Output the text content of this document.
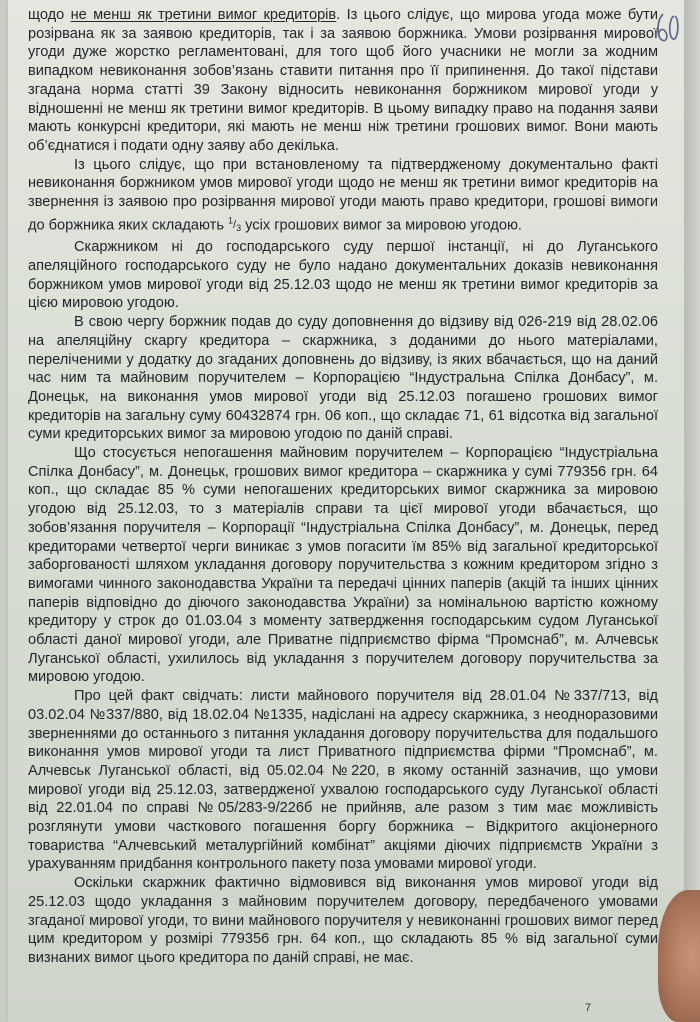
щодо не менш як третини вимог кредиторів. Із цього слідує, що мирова угода може бути розірвана як за заявою кредиторів, так і за заявою боржника. Умови розірвання мирової угоди дуже жорстко регламентовані, для того щоб його учасники не могли за жодним випадком невиконання зобов’язань ставити питання про її припинення. До такої підстави згадана норма статті 39 Закону відносить невиконання боржником мирової угоди у відношенні не менш як третини вимог кредиторів. В цьому випадку право на подання заяви мають конкурсні кредитори, які мають не менш ніж третини грошових вимог. Вони мають об’єднатися і подати одну заяву або декілька.

Із цього слідує, що при встановленому та підтвердженому документально факті невиконання боржником умов мирової угоди щодо не менш як третини вимог кредиторів на звернення із заявою про розірвання мирової угоди мають право кредитори, грошові вимоги до боржника яких складають $^1/_3$ усіх грошових вимог за мировою угодою.

Скаржником ні до господарського суду першої інстанції, ні до Луганського апеляційного господарського суду не було надано документальних доказів невиконання боржником умов мирової угоди від 25.12.03 щодо не менш як третини вимог кредиторів за цією мировою угодою.

В свою чергу боржник подав до суду доповнення до відзиву від 026-219 від 28.02.06 на апеляційну скаргу кредитора – скаржника, з доданими до нього матеріалами, переліченими у додатку до згаданих доповнень до відзиву, із яких вбачається, що на даний час ним та майновим поручителем – Корпорацією “Індустральна Спілка Донбасу”, м. Донецьк, на виконання умов мирової угоди від 25.12.03 погашено грошових вимог кредиторів на загальну суму 60432874 грн. 06 коп., що складає 71, 61 відсотка від загальної суми кредиторських вимог за мировою угодою по даній справі.

Що стосується непогашення майновим поручителем – Корпорацією “Індустріальна Спілка Донбасу”, м. Донецьк, грошових вимог кредитора – скаржника у сумі 779356 грн. 64 коп., що складає 85 % суми непогашених кредиторських вимог скаржника за мировою угодою від 25.12.03, то з матеріалів справи та цієї мирової угоди вбачається, що зобов’язання поручителя – Корпорації “Індустріальна Спілка Донбасу”, м. Донецьк, перед кредиторами четвертої черги виникає з умов погасити їм 85% від загальної кредиторської заборгованості шляхом укладання договору поручительства з кожним кредитором згідно з вимогами чинного законодавства України та передачі цінних паперів (акцій та інших цінних паперів відповідно до діючого законодавства України) за номінальною вартістю кожному кредитору у строк до 01.03.04 з моменту затвердження господарським судом Луганської області даної мирової угоди, але Приватне підприємство фірма “Промснаб”, м. Алчевськ Луганської області, ухилилось від укладання з поручителем договору поручительства за мировою угодою.

Про цей факт свідчать: листи майнового поручителя від 28.01.04 №337/713, від 03.02.04 №337/880, від 18.02.04 №1335, надіслані на адресу скаржника, з неодноразовими зверненнями до останнього з питання укладання договору поручительства для подальшого виконання умов мирової угоди та лист Приватного підприємства фірми “Промснаб”, м. Алчевськ Луганської області, від 05.02.04 №220, в якому останній зазначив, що умови мирової угоди від 25.12.03, затвердженої ухвалою господарського суду Луганської області від 22.01.04 по справі №05/283-9/226б не прийняв, але разом з тим має можливість розглянути умови часткового погашення боргу боржника – Відкритого акціонерного товариства “Алчевський металургійний комбінат” акціями діючих підприємств України з урахуванням придбання контрольного пакету поза умовами мирової угоди.

Оскільки скаржник фактично відмовився від виконання умов мирової угоди від 25.12.03 щодо укладання з майновим поручителем договору, передбаченого умовами згаданої мирової угоди, то вини майнового поручителя у невиконанні грошових вимог перед цим кредитором у розмірі 779356 грн. 64 коп., що складають 85 % від загальної суми визнаних вимог цього кредитора по даній справі, не має.

7
